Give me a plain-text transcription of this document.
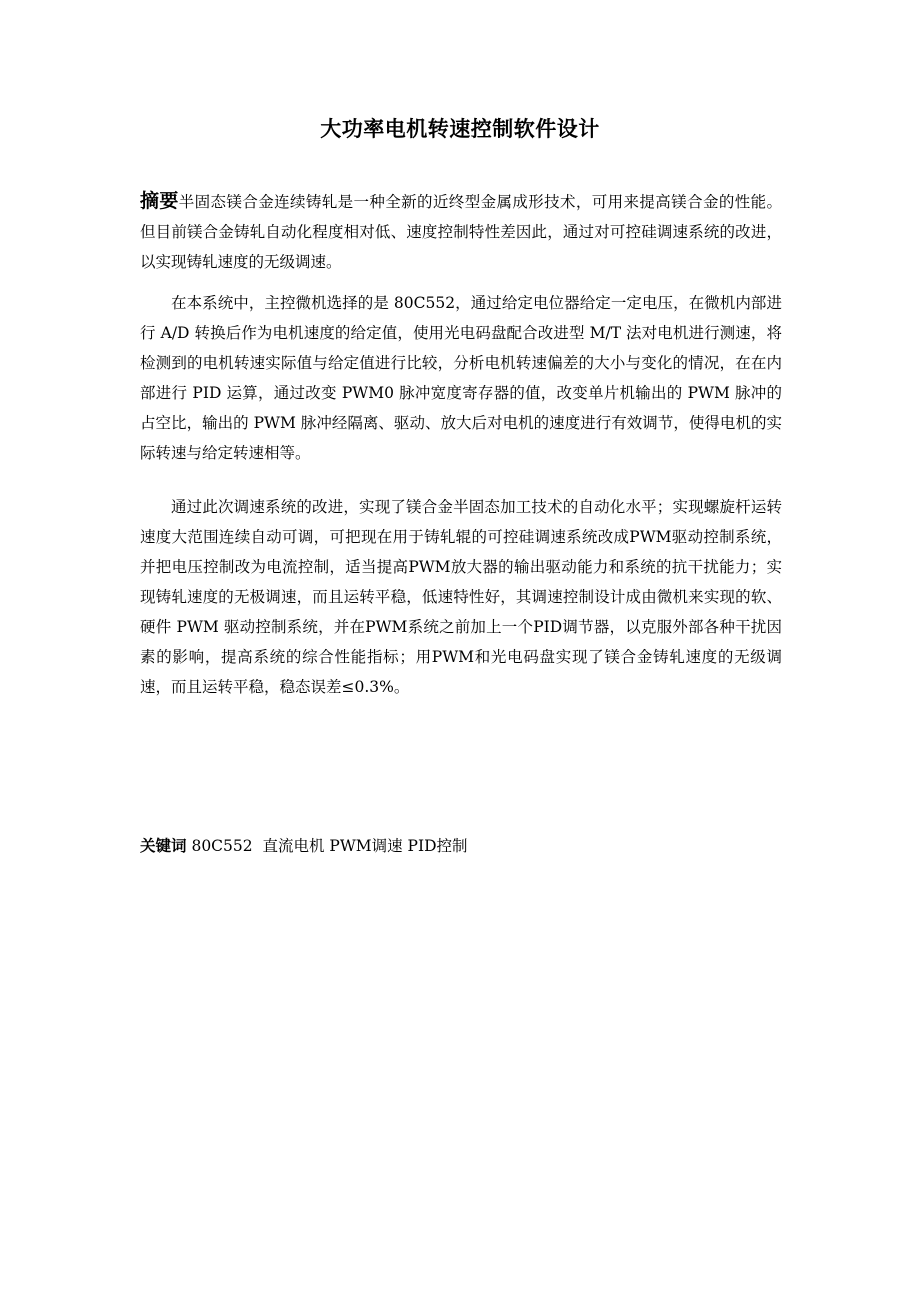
大功率电机转速控制软件设计

摘要半固态镁合金连续铸轧是一种全新的近终型金属成形技术，可用来提高镁合金的性能。但目前镁合金铸轧自动化程度相对低、速度控制特性差因此，通过对可控硅调速系统的改进，以实现铸轧速度的无级调速。

在本系统中，主控微机选择的是 80C552，通过给定电位器给定一定电压，在微机内部进行 A/D 转换后作为电机速度的给定值，使用光电码盘配合改进型 M/T 法对电机进行测速，将检测到的电机转速实际值与给定值进行比较，分析电机转速偏差的大小与变化的情况，在在内部进行 PID 运算，通过改变 PWM0 脉冲宽度寄存器的值，改变单片机输出的 PWM 脉冲的占空比，输出的 PWM 脉冲经隔离、驱动、放大后对电机的速度进行有效调节，使得电机的实际转速与给定转速相等。

通过此次调速系统的改进，实现了镁合金半固态加工技术的自动化水平；实现螺旋杆运转速度大范围连续自动可调，可把现在用于铸轧辊的可控硅调速系统改成PWM驱动控制系统，并把电压控制改为电流控制，适当提高PWM放大器的输出驱动能力和系统的抗干扰能力；实现铸轧速度的无极调速，而且运转平稳，低速特性好，其调速控制设计成由微机来实现的软、硬件 PWM 驱动控制系统，并在PWM系统之前加上一个PID调节器，以克服外部各种干扰因素的影响，提高系统的综合性能指标；用PWM和光电码盘实现了镁合金铸轧速度的无级调速，而且运转平稳，稳态误差≤0.3%。

关键词 80C552  直流电机 PWM调速 PID控制
